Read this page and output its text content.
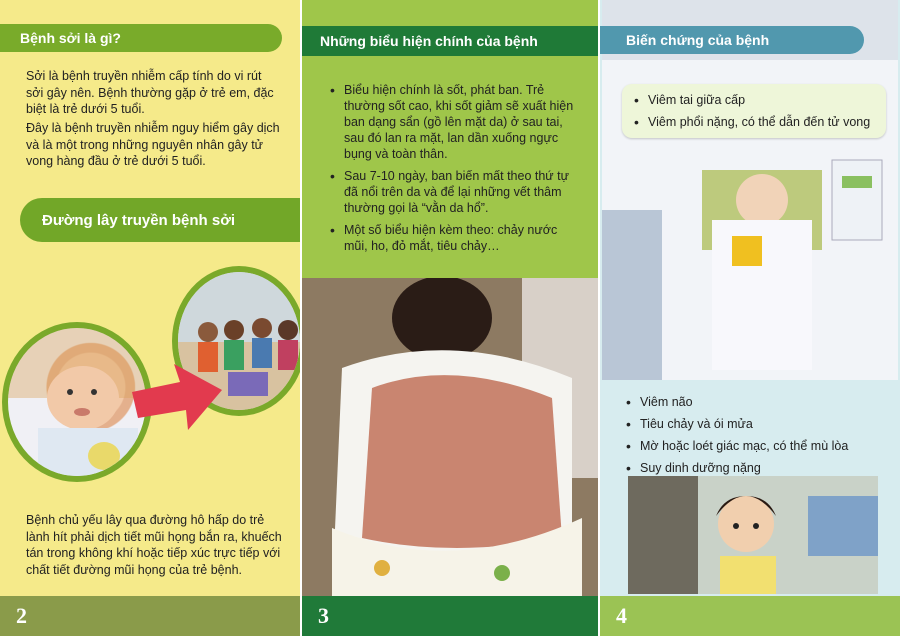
Bệnh sởi là gì?
Sởi là bệnh truyền nhiễm cấp tính do vi rút sởi gây nên. Bệnh thường gặp ở trẻ em, đặc biệt là trẻ dưới 5 tuổi.
Đây là bệnh truyền nhiễm nguy hiểm gây dịch và là một trong những nguyên nhân gây tử vong hàng đầu ở trẻ dưới 5 tuổi.
Đường lây truyền bệnh sởi
Bệnh chủ yếu lây qua đường hô hấp do trẻ lành hít phải dịch tiết mũi họng bắn ra, khuếch tán trong không khí hoặc tiếp xúc trực tiếp với chất tiết đường mũi họng của trẻ bệnh.
2
Những biểu hiện chính của bệnh
• Biểu hiện chính là sốt, phát ban. Trẻ thường sốt cao, khi sốt giảm sẽ xuất hiện ban dạng sẩn (gồ lên mặt da) ở sau tai, sau đó lan ra mặt, lan dần xuống ngực bụng và toàn thân.
• Sau 7-10 ngày, ban biến mất theo thứ tự đã nổi trên da và để lại những vết thâm thường gọi là “vằn da hổ”.
• Một số biểu hiện kèm theo: chảy nước mũi, ho, đỏ mắt, tiêu chảy…
3
Biến chứng của bệnh
• Viêm tai giữa cấp
• Viêm phổi nặng, có thể dẫn đến tử vong
• Viêm não
• Tiêu chảy và ói mửa
• Mờ hoặc loét giác mạc, có thể mù lòa
• Suy dinh dưỡng nặng
4
